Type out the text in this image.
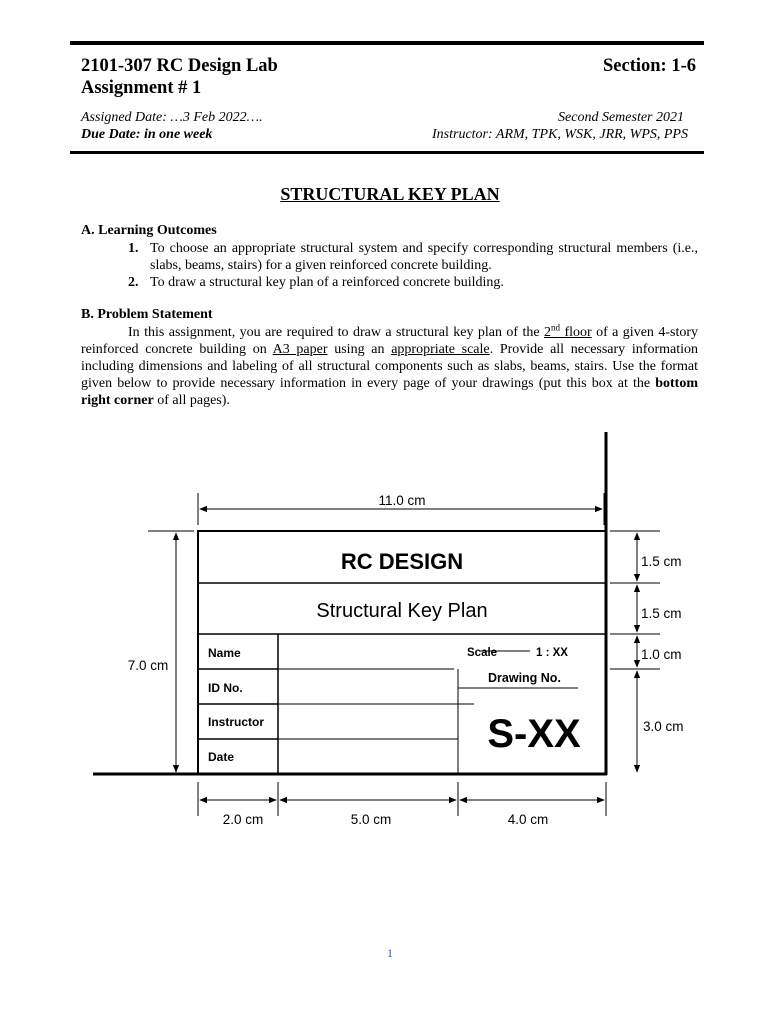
2101-307 RC Design Lab	Section: 1-6
Assignment # 1
Assigned Date: …3 Feb 2022….
Due Date: in one week
Second Semester 2021
Instructor: ARM, TPK, WSK, JRR, WPS, PPS
STRUCTURAL KEY PLAN
A. Learning Outcomes
1. To choose an appropriate structural system and specify corresponding structural members (i.e., slabs, beams, stairs) for a given reinforced concrete building.
2. To draw a structural key plan of a reinforced concrete building.
B. Problem Statement
In this assignment, you are required to draw a structural key plan of the 2nd floor of a given 4-story reinforced concrete building on A3 paper using an appropriate scale. Provide all necessary information including dimensions and labeling of all structural components such as slabs, beams, stairs. Use the format given below to provide necessary information in every page of your drawings (put this box at the bottom right corner of all pages).
RC DESIGN
Structural Key Plan
Name
ID No.
Instructor
Date
Scale	1 : XX
Drawing No.
S-XX
11.0 cm
7.0 cm
1.5 cm
1.5 cm
1.0 cm
3.0 cm
2.0 cm	5.0 cm	4.0 cm
1
